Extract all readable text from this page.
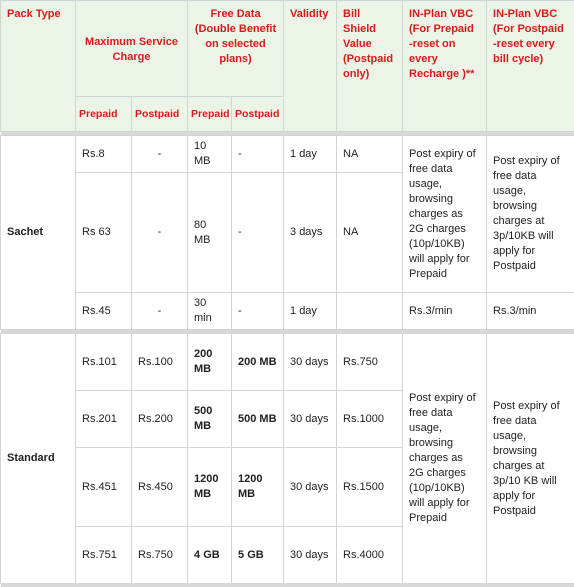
Pack Type	Maximum Service Charge		Free Data (Double Benefit on selected plans)		Validity	Bill Shield Value (Postpaid only)	IN-Plan VBC (For Prepaid -reset on every Recharge )**	IN-Plan VBC (For Postpaid -reset every bill cycle)
	Prepaid	Postpaid	Prepaid	Postpaid				

Sachet	Rs.8	-	10 MB	-	1 day	NA	Post expiry of free data usage, browsing charges as 2G charges (10p/10KB) will apply for Prepaid	Post expiry of free data usage, browsing charges at 3p/10KB will apply for Postpaid
	Rs 63	-	80 MB	-	3 days	NA		
	Rs.45	-	30 min	-	1 day		Rs.3/min	Rs.3/min

Standard	Rs.101	Rs.100	200 MB	200 MB	30 days	Rs.750	Post expiry of free data usage, browsing charges as 2G charges (10p/10KB) will apply for Prepaid	Post expiry of free data usage, browsing charges at 3p/10 KB will apply for Postpaid
	Rs.201	Rs.200	500 MB	500 MB	30 days	Rs.1000		
	Rs.451	Rs.450	1200 MB	1200 MB	30 days	Rs.1500		
	Rs.751	Rs.750	4 GB	5 GB	30 days	Rs.4000		
